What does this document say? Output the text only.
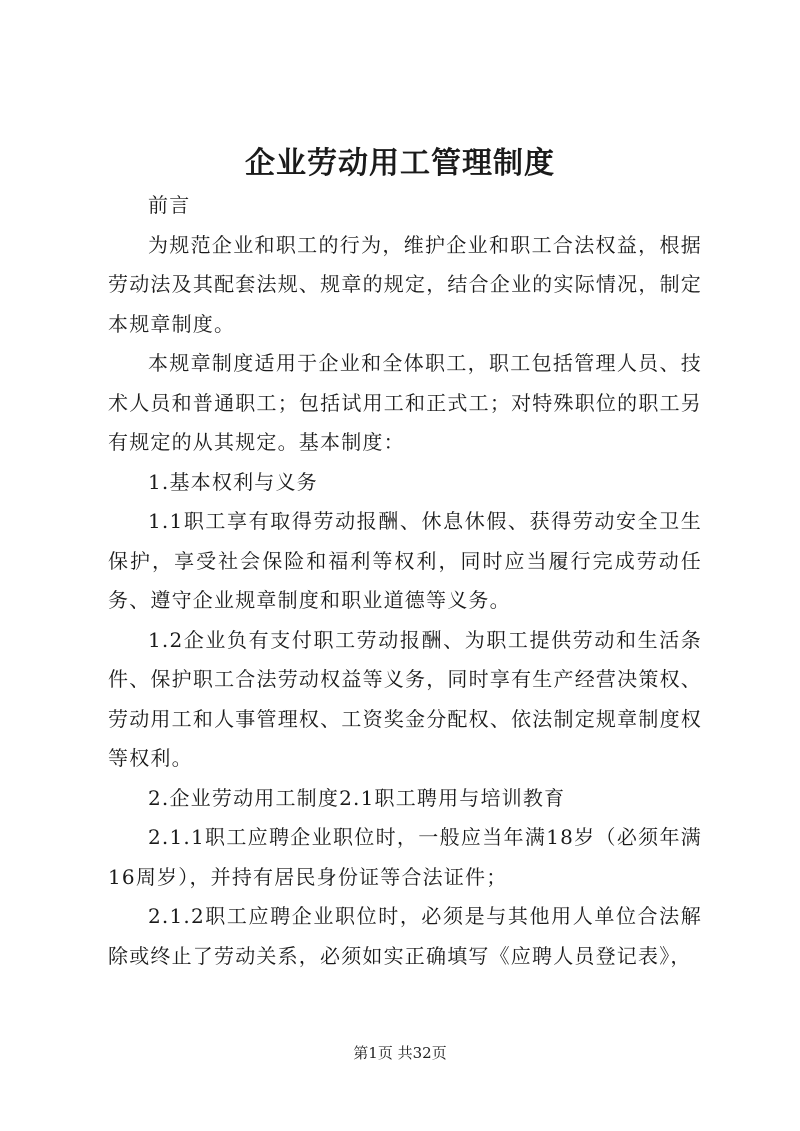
企业劳动用工管理制度

前言

为规范企业和职工的行为，维护企业和职工合法权益，根据劳动法及其配套法规、规章的规定，结合企业的实际情况，制定本规章制度。

本规章制度适用于企业和全体职工，职工包括管理人员、技术人员和普通职工；包括试用工和正式工；对特殊职位的职工另有规定的从其规定。基本制度：

1.基本权利与义务

1.1职工享有取得劳动报酬、休息休假、获得劳动安全卫生保护，享受社会保险和福利等权利，同时应当履行完成劳动任务、遵守企业规章制度和职业道德等义务。

1.2企业负有支付职工劳动报酬、为职工提供劳动和生活条件、保护职工合法劳动权益等义务，同时享有生产经营决策权、劳动用工和人事管理权、工资奖金分配权、依法制定规章制度权等权利。

2.企业劳动用工制度2.1职工聘用与培训教育

2.1.1职工应聘企业职位时，一般应当年满18岁（必须年满16周岁），并持有居民身份证等合法证件；

2.1.2职工应聘企业职位时，必须是与其他用人单位合法解除或终止了劳动关系，必须如实正确填写《应聘人员登记表》，

第1页 共32页
